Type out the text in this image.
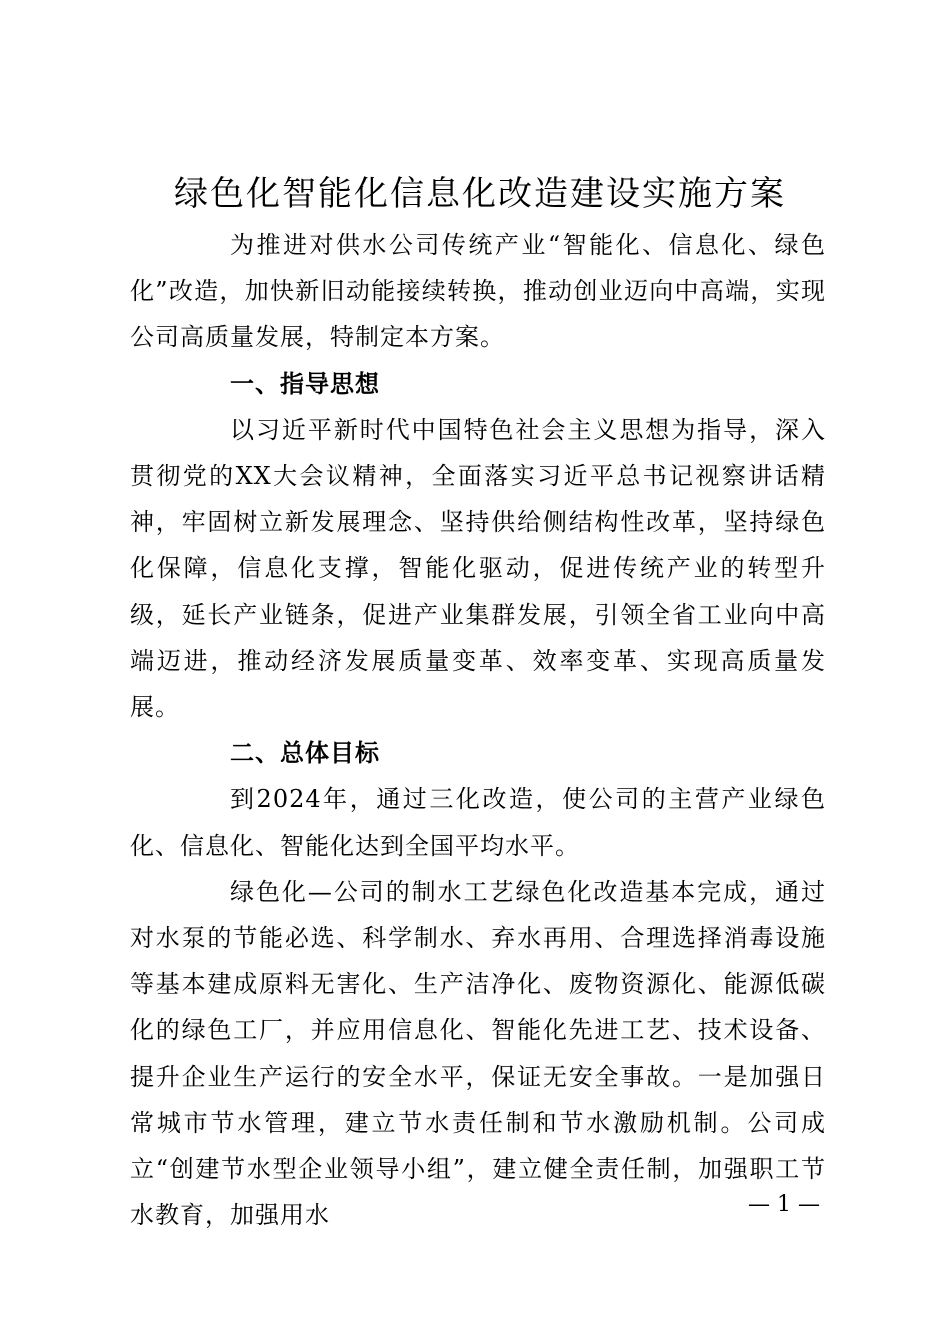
绿色化智能化信息化改造建设实施方案

为推进对供水公司传统产业“智能化、信息化、绿色化”改造，加快新旧动能接续转换，推动创业迈向中高端，实现公司高质量发展，特制定本方案。

一、指导思想

以习近平新时代中国特色社会主义思想为指导，深入贯彻党的XX大会议精神，全面落实习近平总书记视察讲话精神，牢固树立新发展理念、坚持供给侧结构性改革，坚持绿色化保障，信息化支撑，智能化驱动，促进传统产业的转型升级，延长产业链条，促进产业集群发展，引领全省工业向中高端迈进，推动经济发展质量变革、效率变革、实现高质量发展。

二、总体目标

到2024年，通过三化改造，使公司的主营产业绿色化、信息化、智能化达到全国平均水平。

绿色化—公司的制水工艺绿色化改造基本完成，通过对水泵的节能必选、科学制水、弃水再用、合理选择消毒设施等基本建成原料无害化、生产洁净化、废物资源化、能源低碳化的绿色工厂，并应用信息化、智能化先进工艺、技术设备、提升企业生产运行的安全水平，保证无安全事故。一是加强日常城市节水管理，建立节水责任制和节水激励机制。公司成立“创建节水型企业领导小组”，建立健全责任制，加强职工节水教育，加强用水	— 1 —
